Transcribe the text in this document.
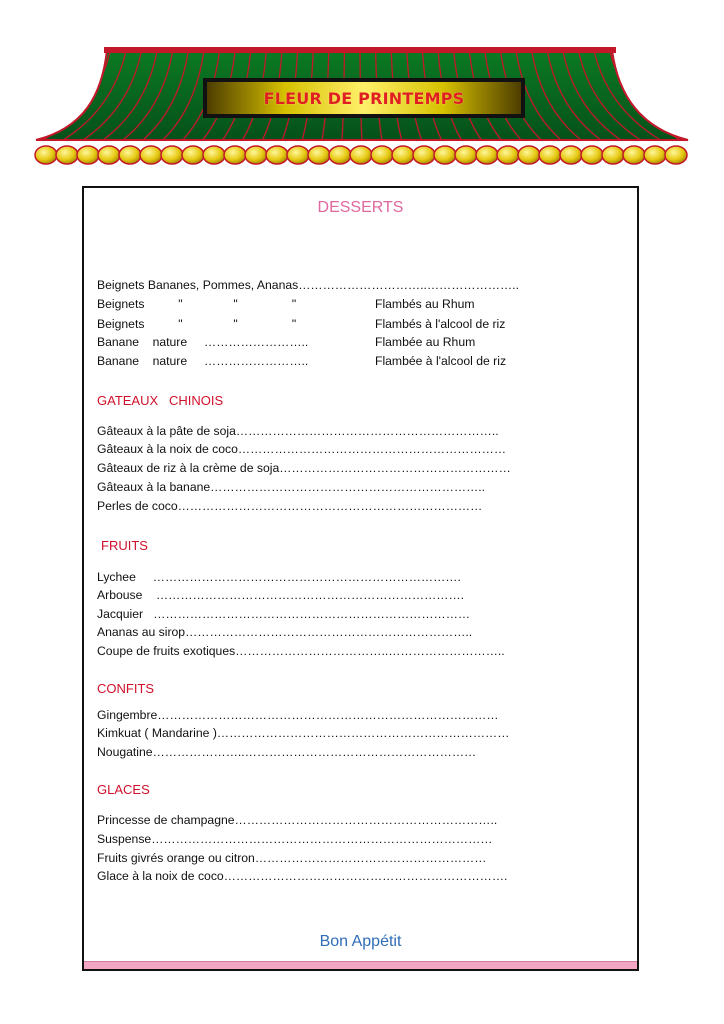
FLEUR DE PRINTEMPS
DESSERTS
Beignets Bananes, Pommes, Ananas…………………………..…………………..
Beignets          "               "                "	Flambés au Rhum
Beignets          "               "                "	Flambés à l'alcool de riz
Banane    nature     ……………………..	Flambée au Rhum
Banane    nature     ……………………..	Flambée à l'alcool de riz
GATEAUX   CHINOIS
Gâteaux à la pâte de soja………………………………………………………..
Gâteaux à la noix de coco…………………………………………………………
Gâteaux de riz à la crème de soja…………………………………………………
Gâteaux à la banane…………………………………………………………..
Perles de coco…………………………………………………………………
FRUITS
Lychee     ………………………………………………………………….
Arbouse    ………………………………………………………………….
Jacquier   ……………………………………………………………………
Ananas au sirop……………………………………………………………..
Coupe de fruits exotiques………………………………..………………………..
CONFITS
Gingembre…………………………………………………………………………
Kimkuat ( Mandarine )………………………………………………………………
Nougatine…………………..…………………………………………………
GLACES
Princesse de champagne………………………………………………………..
Suspense…………………………………………………………………………
Fruits givrés orange ou citron…………………………………………………
Glace à la noix de coco…………………………………………………………….
Bon Appétit
